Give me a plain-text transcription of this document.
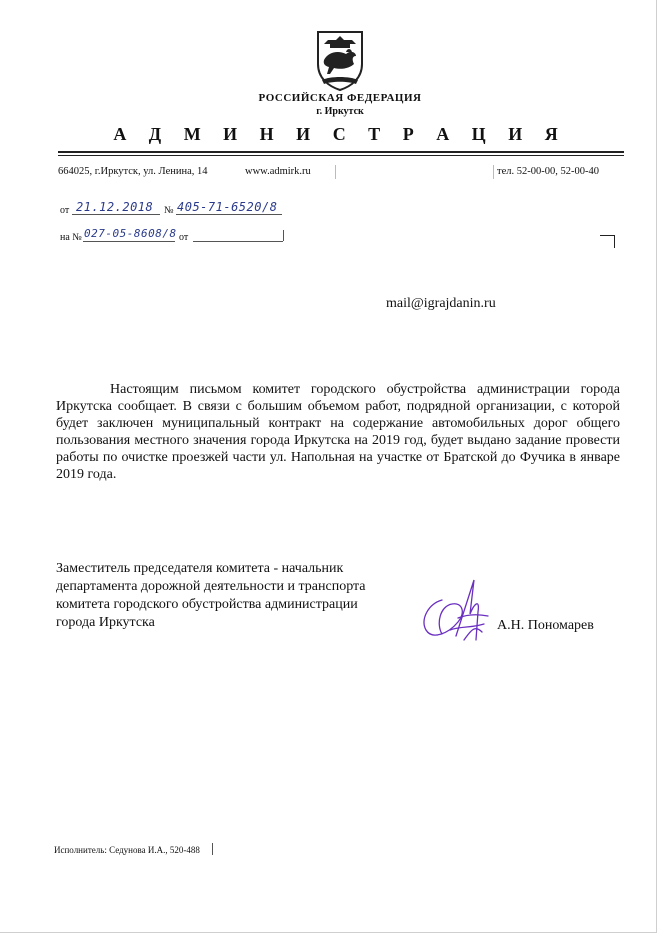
РОССИЙСКАЯ ФЕДЕРАЦИЯ
г. Иркутск
А Д М И Н И С Т Р А Ц И Я
664025, г.Иркутск, ул. Ленина, 14	www.admirk.ru	тел. 52-00-00, 52-00-40
от 21.12.2018 № 405-71-6520/8
на № 027-05-8608/8 от
mail@igrajdanin.ru

Настоящим письмом комитет городского обустройства администрации города Иркутска сообщает. В связи с большим объемом работ, подрядной организации, с которой будет заключен муниципальный контракт на содержание автомобильных дорог общего пользования местного значения города Иркутска на 2019 год, будет выдано задание провести работы по очистке проезжей части ул. Напольная на участке от Братской до Фучика в январе 2019 года.

Заместитель председателя комитета - начальник
департамента дорожной деятельности и транспорта
комитета городского обустройства администрации
города Иркутска	А.Н. Пономарев
Исполнитель: Седунова И.А., 520-488
